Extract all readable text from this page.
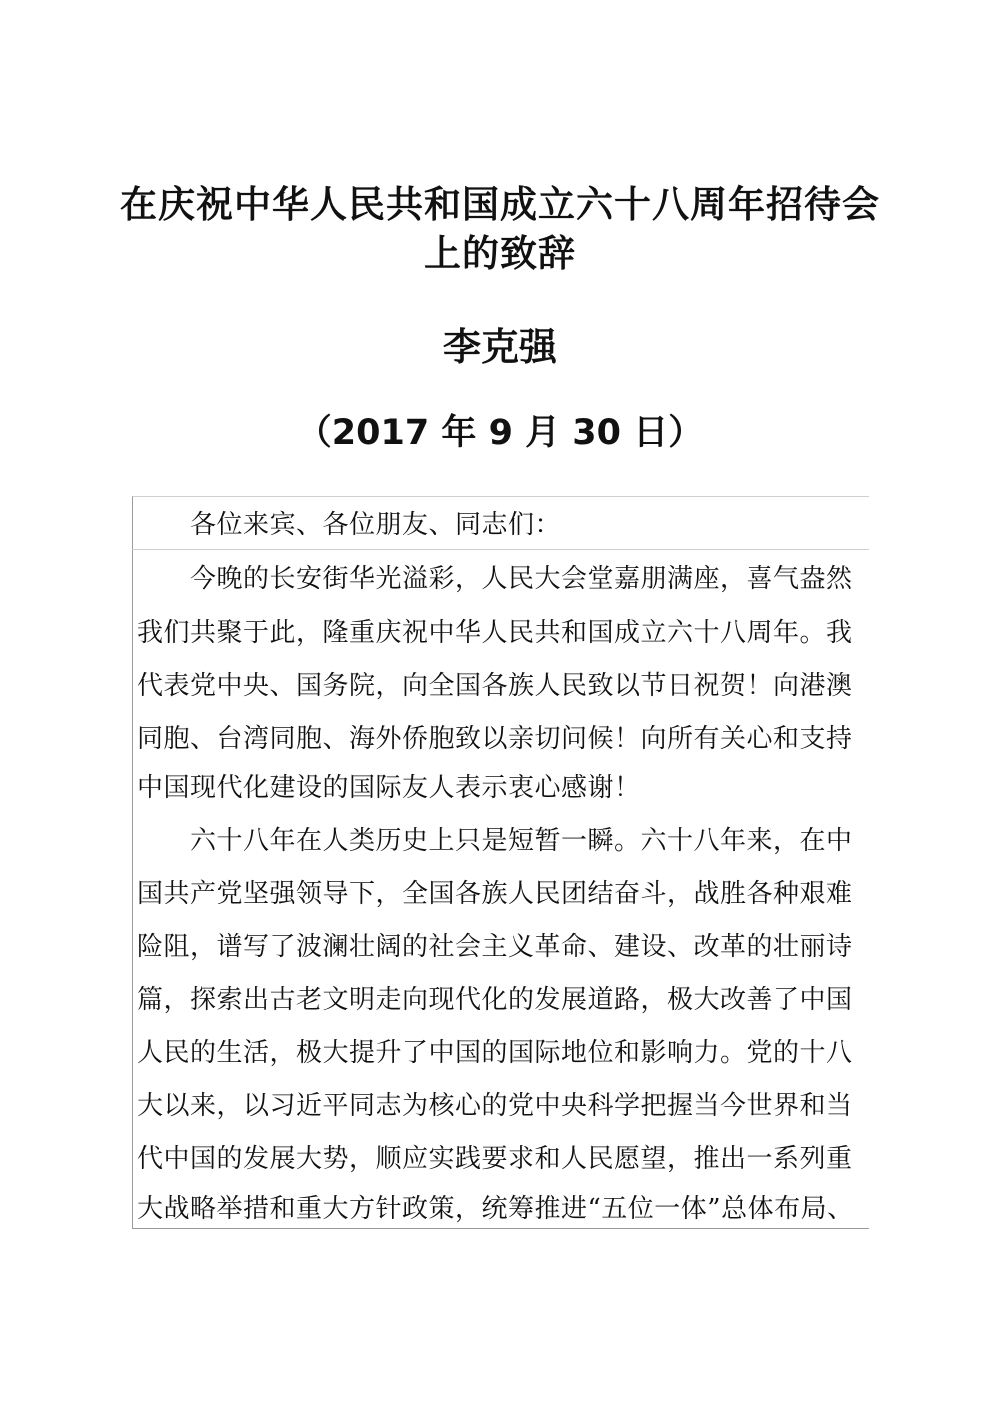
在庆祝中华人民共和国成立六十八周年招待会
上的致辞
李克强
（2017 年 9 月 30 日）
各位来宾、各位朋友、同志们：
今晚的长安街华光溢彩，人民大会堂嘉朋满座，喜气盎然
我们共聚于此，隆重庆祝中华人民共和国成立六十八周年。我
代表党中央、国务院，向全国各族人民致以节日祝贺！向港澳
同胞、台湾同胞、海外侨胞致以亲切问候！向所有关心和支持
中国现代化建设的国际友人表示衷心感谢！
六十八年在人类历史上只是短暂一瞬。六十八年来，在中
国共产党坚强领导下，全国各族人民团结奋斗，战胜各种艰难
险阻，谱写了波澜壮阔的社会主义革命、建设、改革的壮丽诗
篇，探索出古老文明走向现代化的发展道路，极大改善了中国
人民的生活，极大提升了中国的国际地位和影响力。党的十八
大以来，以习近平同志为核心的党中央科学把握当今世界和当
代中国的发展大势，顺应实践要求和人民愿望，推出一系列重
大战略举措和重大方针政策，统筹推进“五位一体”总体布局、
